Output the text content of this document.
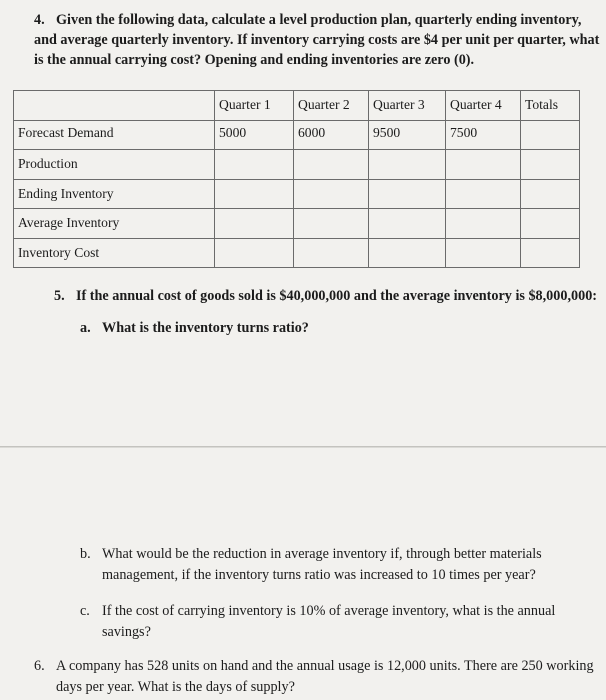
4. Given the following data, calculate a level production plan, quarterly ending inventory, and average quarterly inventory. If inventory carrying costs are $4 per unit per quarter, what is the annual carrying cost? Opening and ending inventories are zero (0).
	Quarter 1	Quarter 2	Quarter 3	Quarter 4	Totals
Forecast Demand	5000	6000	9500	7500	
Production					
Ending Inventory					
Average Inventory					
Inventory Cost					
5. If the annual cost of goods sold is $40,000,000 and the average inventory is $8,000,000:
a. What is the inventory turns ratio?
b. What would be the reduction in average inventory if, through better materials management, if the inventory turns ratio was increased to 10 times per year?
c. If the cost of carrying inventory is 10% of average inventory, what is the annual savings?
6. A company has 528 units on hand and the annual usage is 12,000 units. There are 250 working days per year. What is the days of supply?
